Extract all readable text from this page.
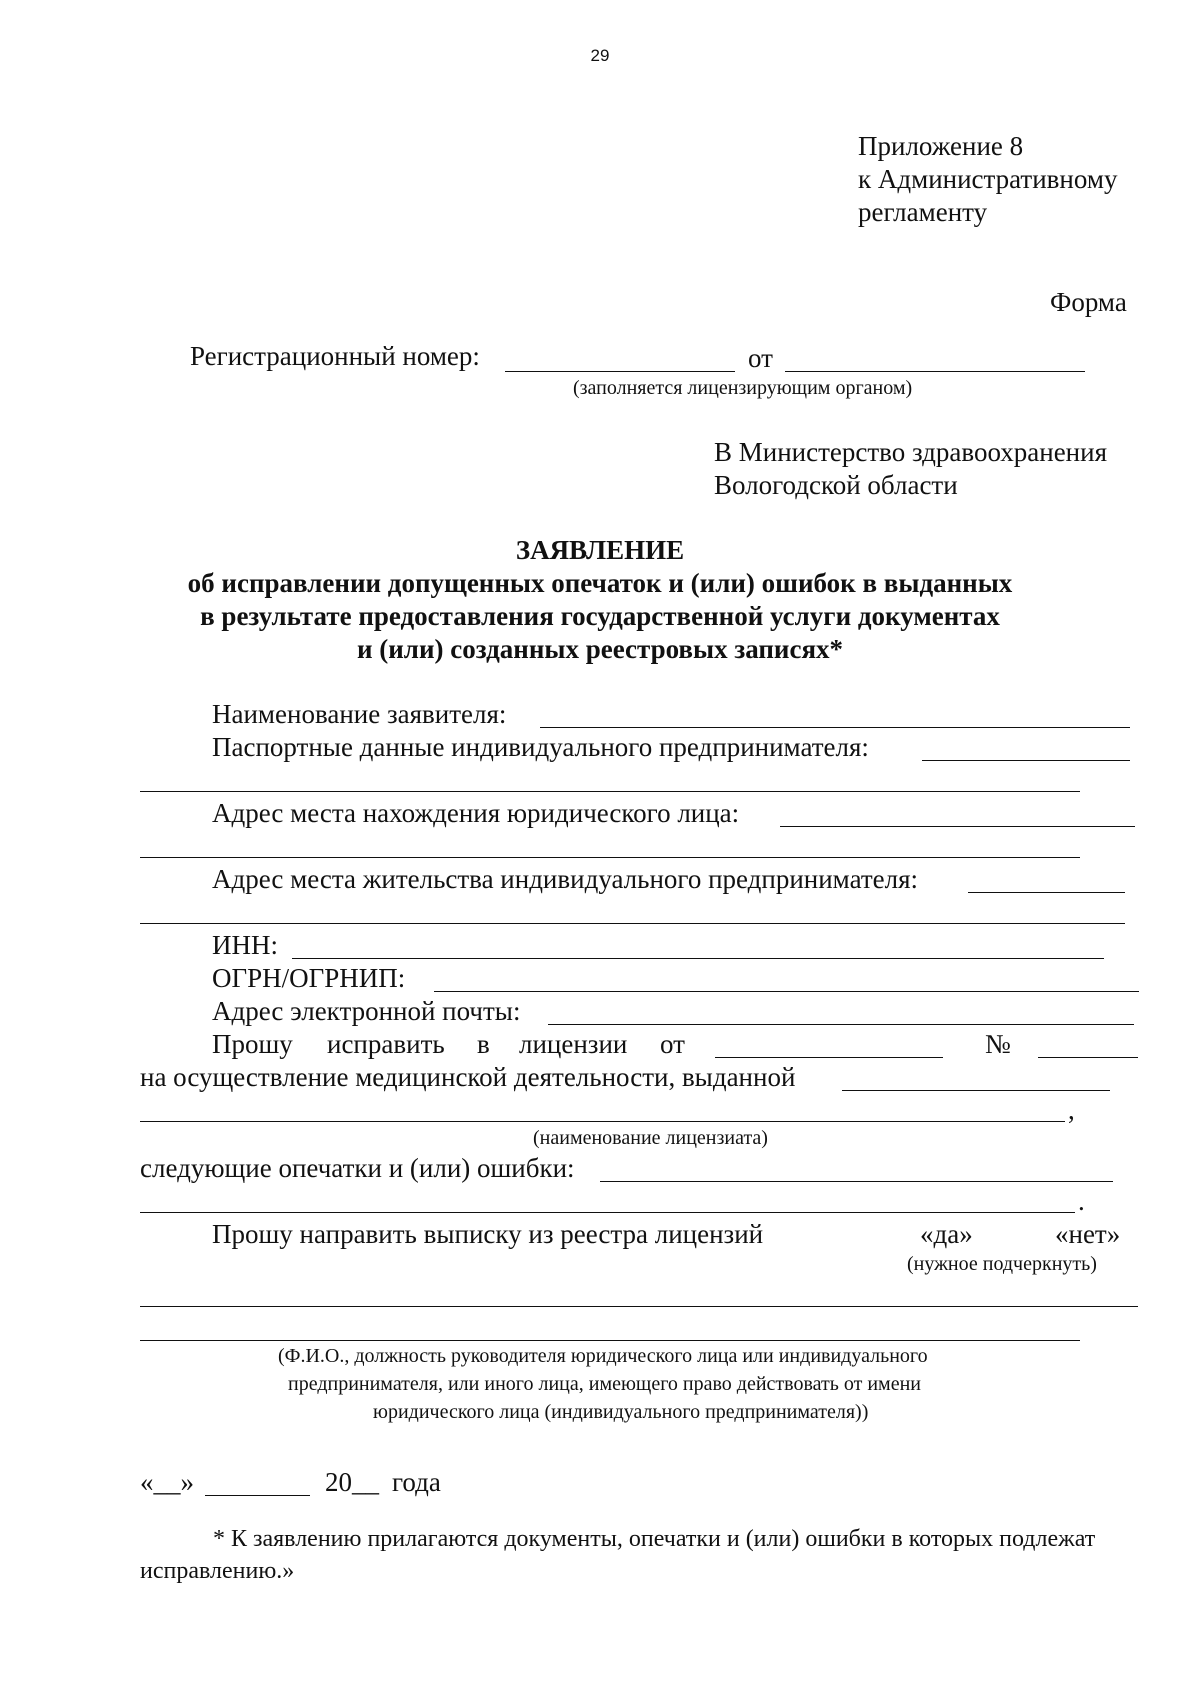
29
Приложение 8
к Административному
регламенту
Форма
Регистрационный номер:	от
(заполняется лицензирующим органом)
В Министерство здравоохранения
Вологодской области
ЗАЯВЛЕНИЕ
об исправлении допущенных опечаток и (или) ошибок в выданных
в результате предоставления государственной услуги документах
и (или) созданных реестровых записях*
Наименование заявителя:
Паспортные данные индивидуального предпринимателя:
Адрес места нахождения юридического лица:
Адрес места жительства индивидуального предпринимателя:
ИНН:
ОГРН/ОГРНИП:
Адрес электронной почты:
Прошу исправить в лицензии от	№
на осуществление медицинской деятельности, выданной
,
(наименование лицензиата)
следующие опечатки и (или) ошибки:
.
Прошу направить выписку из реестра лицензий	«да»	«нет»
(нужное подчеркнуть)
(Ф.И.О., должность руководителя юридического лица или индивидуального
предпринимателя, или иного лица, имеющего право действовать от имени
юридического лица (индивидуального предпринимателя))
«__»	20__ года
* К заявлению прилагаются документы, опечатки и (или) ошибки в которых подлежат
исправлению.»
